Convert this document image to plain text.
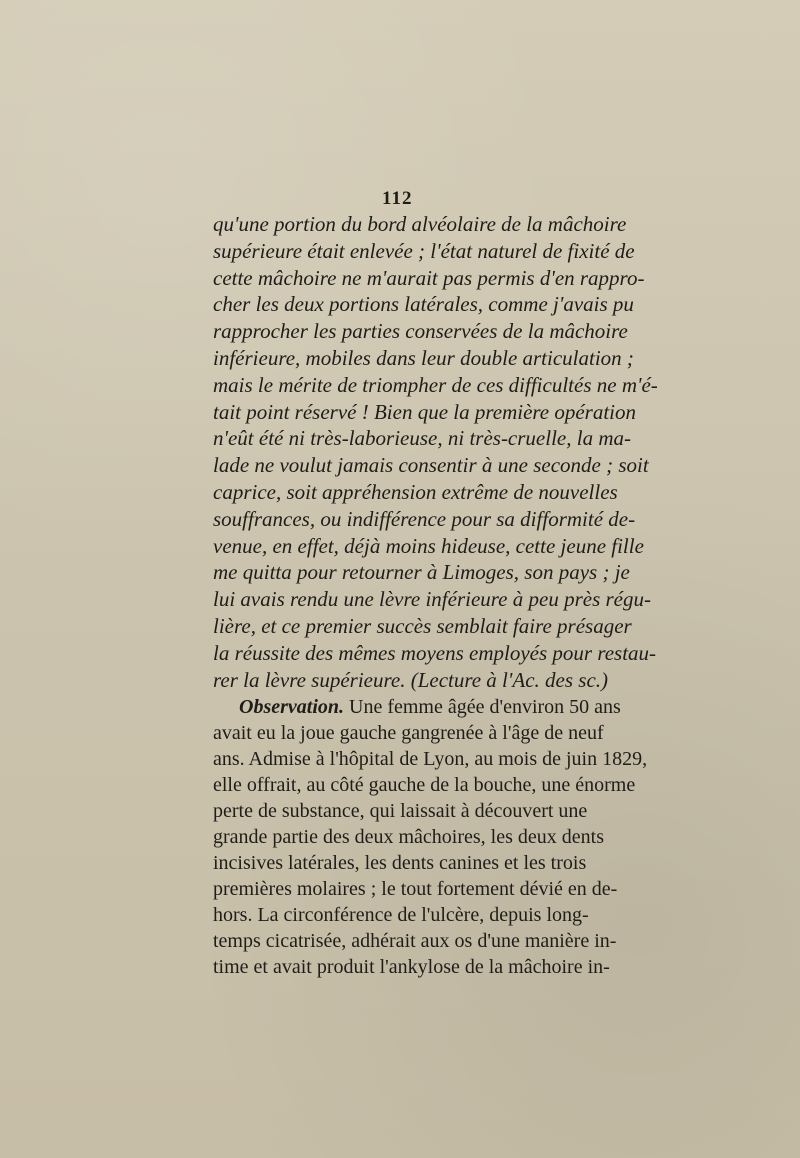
112
qu'une portion du bord alvéolaire de la mâchoire
supérieure était enlevée ; l'état naturel de fixité de
cette mâchoire ne m'aurait pas permis d'en rappro-
cher les deux portions latérales, comme j'avais pu
rapprocher les parties conservées de la mâchoire
inférieure, mobiles dans leur double articulation ;
mais le mérite de triompher de ces difficultés ne m'é-
tait point réservé ! Bien que la première opération
n'eût été ni très-laborieuse, ni très-cruelle, la ma-
lade ne voulut jamais consentir à une seconde ; soit
caprice, soit appréhension extrême de nouvelles
souffrances, ou indifférence pour sa difformité de-
venue, en effet, déjà moins hideuse, cette jeune fille
me quitta pour retourner à Limoges, son pays ; je
lui avais rendu une lèvre inférieure à peu près régu-
lière, et ce premier succès semblait faire présager
la réussite des mêmes moyens employés pour restau-
rer la lèvre supérieure. (Lecture à l'Ac. des sc.)
Observation. Une femme âgée d'environ 50 ans
avait eu la joue gauche gangrenée à l'âge de neuf
ans. Admise à l'hôpital de Lyon, au mois de juin 1829,
elle offrait, au côté gauche de la bouche, une énorme
perte de substance, qui laissait à découvert une
grande partie des deux mâchoires, les deux dents
incisives latérales, les dents canines et les trois
premières molaires ; le tout fortement dévié en de-
hors. La circonférence de l'ulcère, depuis long-
temps cicatrisée, adhérait aux os d'une manière in-
time et avait produit l'ankylose de la mâchoire in-
